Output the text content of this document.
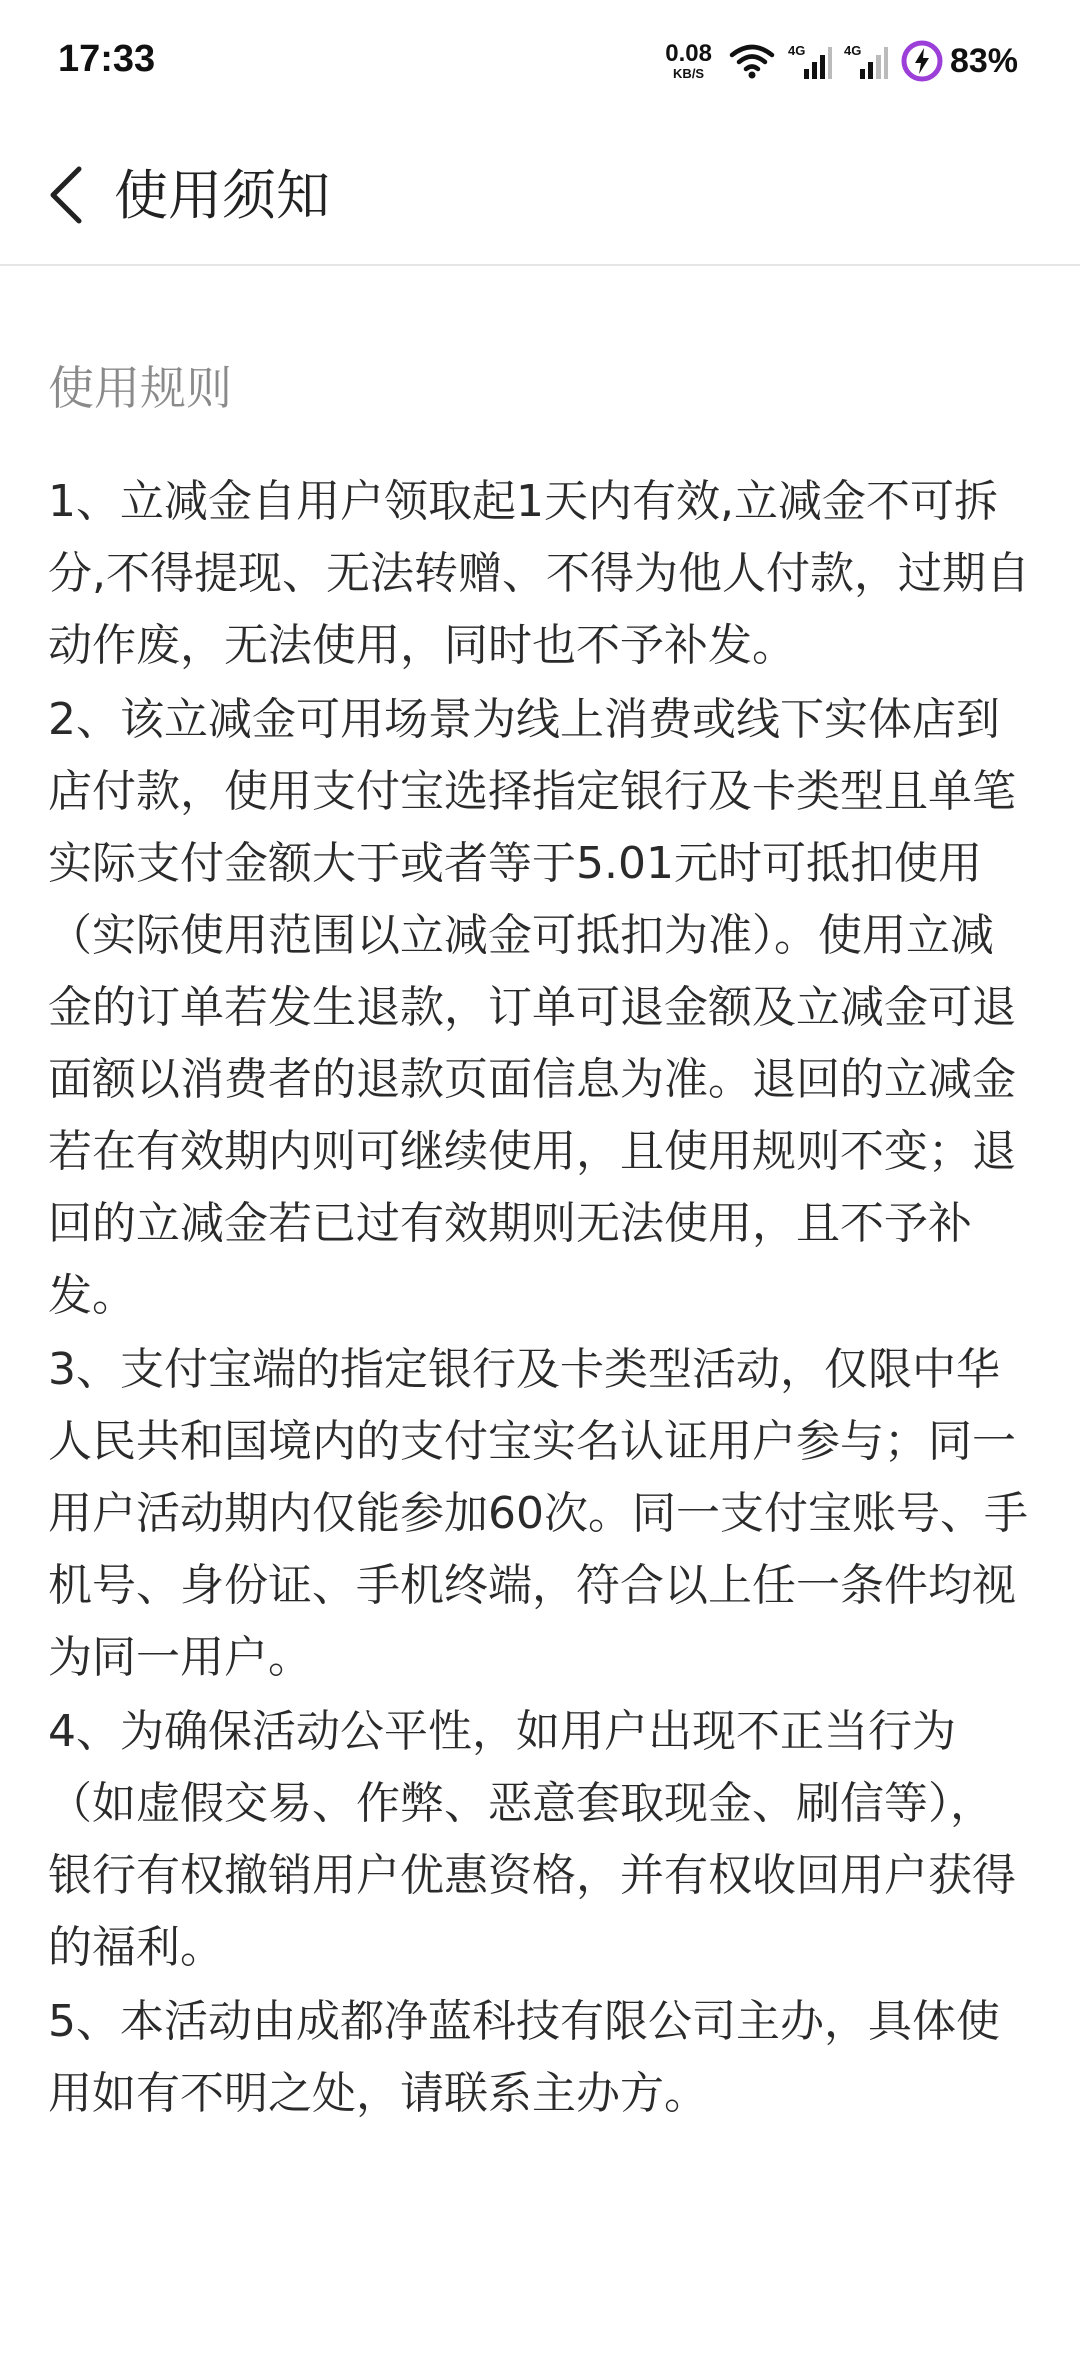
17:33	0.08
KB/S
4G	4G	83%
使用须知
使用规则
1、立减金自用户领取起1天内有效,立减金不可拆分,不得提现、无法转赠、不得为他人付款，过期自动作废，无法使用，同时也不予补发。
2、该立减金可用场景为线上消费或线下实体店到店付款，使用支付宝选择指定银行及卡类型且单笔实际支付金额大于或者等于5.01元时可抵扣使用（实际使用范围以立减金可抵扣为准）。使用立减金的订单若发生退款，订单可退金额及立减金可退面额以消费者的退款页面信息为准。退回的立减金若在有效期内则可继续使用，且使用规则不变；退回的立减金若已过有效期则无法使用，且不予补发。
3、支付宝端的指定银行及卡类型活动，仅限中华人民共和国境内的支付宝实名认证用户参与；同一用户活动期内仅能参加60次。同一支付宝账号、手机号、身份证、手机终端，符合以上任一条件均视为同一用户。
4、为确保活动公平性，如用户出现不正当行为（如虚假交易、作弊、恶意套取现金、刷信等），银行有权撤销用户优惠资格，并有权收回用户获得的福利。
5、本活动由成都净蓝科技有限公司主办，具体使用如有不明之处，请联系主办方。
